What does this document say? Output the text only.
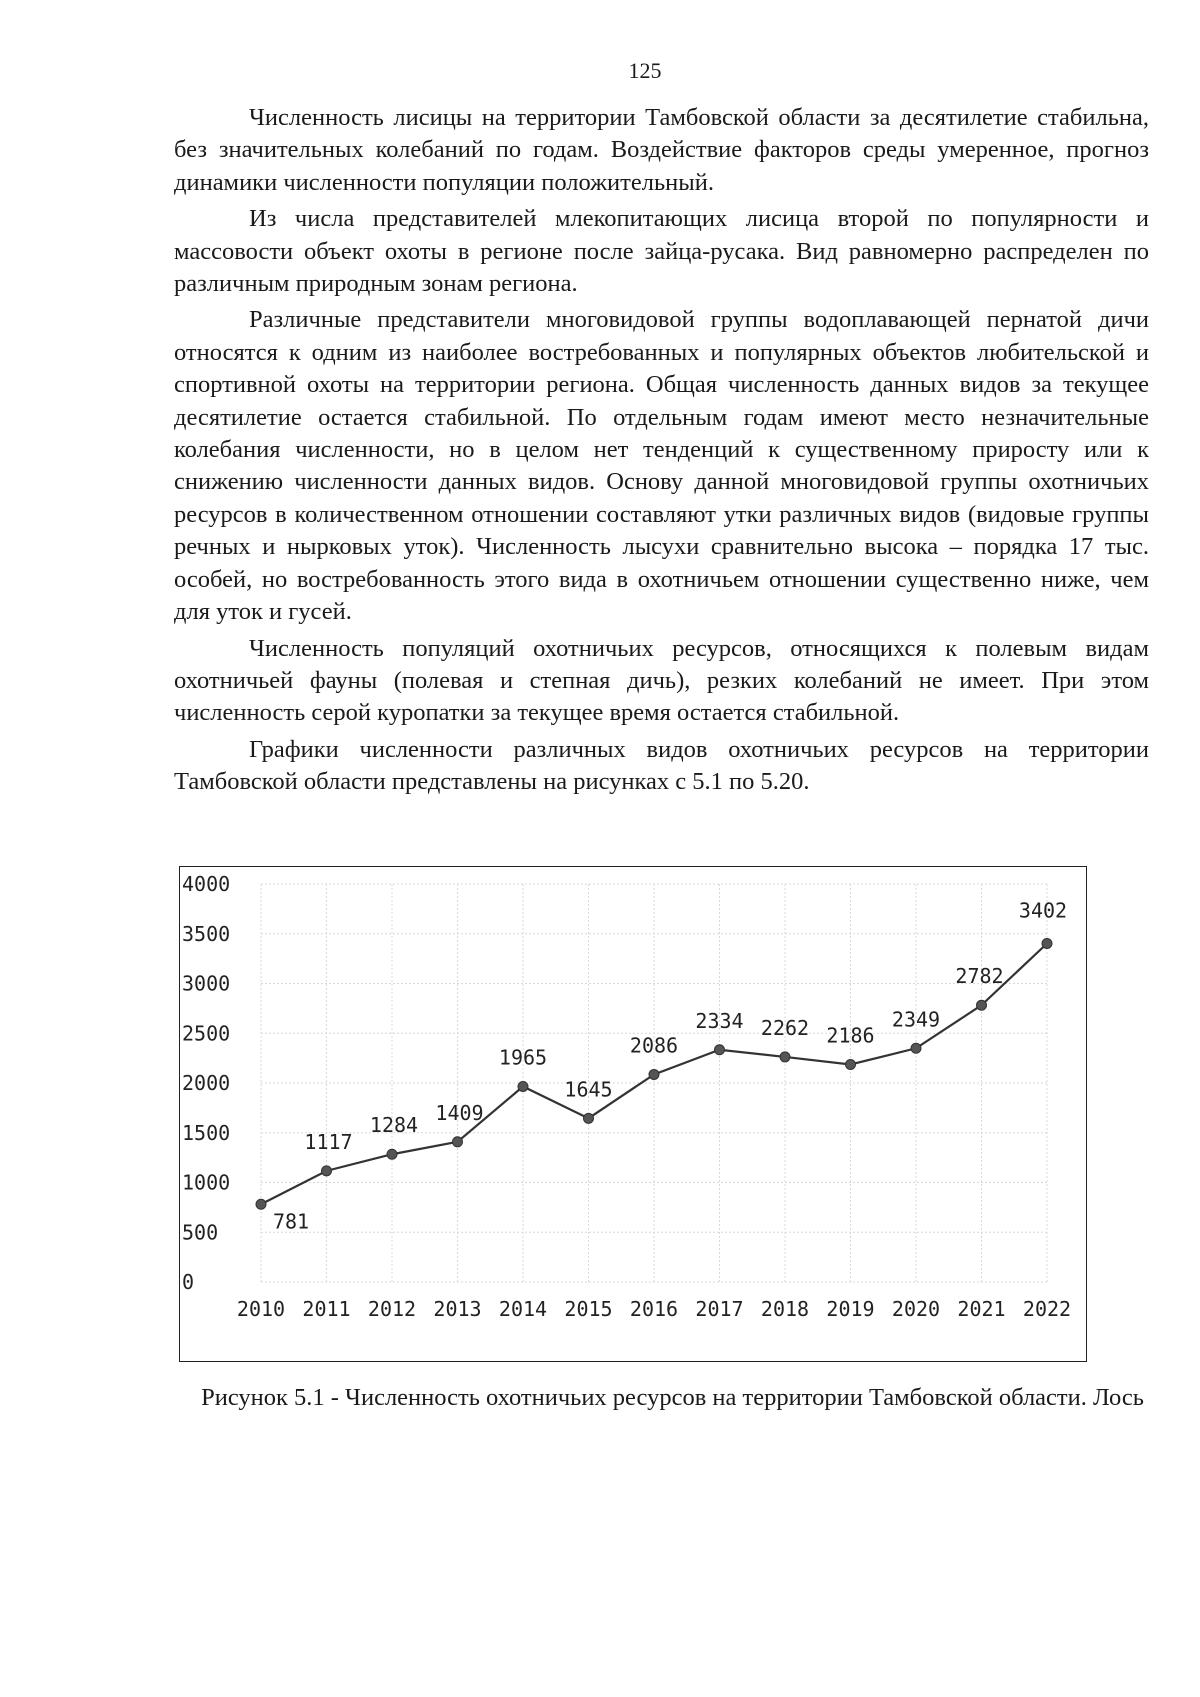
125

Численность лисицы на территории Тамбовской области за десятилетие стабильна, без значительных колебаний по годам. Воздействие факторов среды умеренное, прогноз динамики численности популяции положительный.

Из числа представителей млекопитающих лисица второй по популярности и массовости объект охоты в регионе после зайца-русака. Вид равномерно распределен по различным природным зонам региона.

Различные представители многовидовой группы водоплавающей пернатой дичи относятся к одним из наиболее востребованных и популярных объектов любительской и спортивной охоты на территории региона. Общая численность данных видов за текущее десятилетие остается стабильной. По отдельным годам имеют место незначительные колебания численности, но в целом нет тенденций к существенному приросту или к снижению численности данных видов. Основу данной многовидовой группы охотничьих ресурсов в количественном отношении составляют утки различных видов (видовые группы речных и нырковых уток). Численность лысухи сравнительно высока – порядка 17 тыс. особей, но востребованность этого вида в охотничьем отношении существенно ниже, чем для уток и гусей.

Численность популяций охотничьих ресурсов, относящихся к полевым видам охотничьей фауны (полевая и степная дичь), резких колебаний не имеет. При этом численность серой куропатки за текущее время остается стабильной.

Графики численности различных видов охотничьих ресурсов на территории Тамбовской области представлены на рисунках с 5.1 по 5.20.

0
500
1000
1500
2000
2500
3000
3500
4000
2010 2011 2012 2013 2014 2015 2016 2017 2018 2019 2020 2021 2022
781
1117
1284
1409
1965
1645
2086
2334 2262 2186
2349
2782
3402
Рисунок 5.1 - Численность охотничьих ресурсов на территории Тамбовской области. Лось
